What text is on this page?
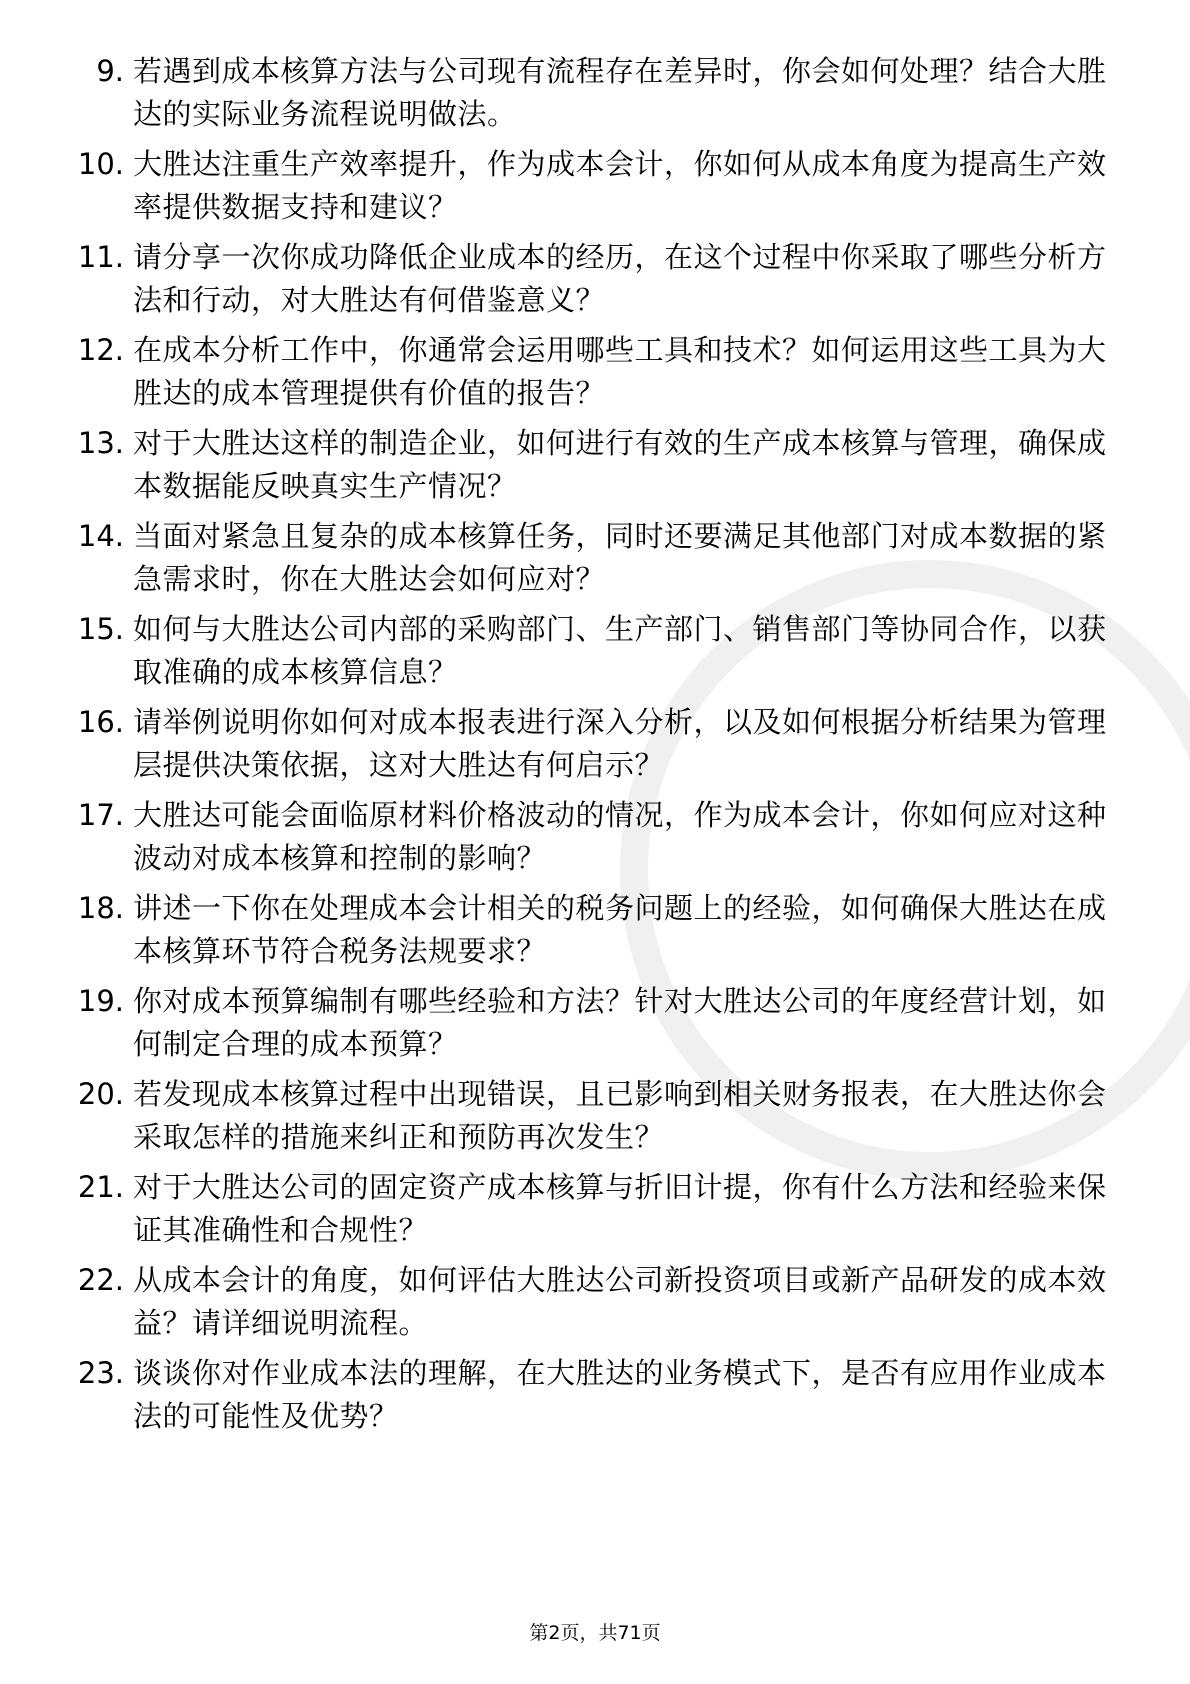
9. 若遇到成本核算方法与公司现有流程存在差异时，你会如何处理？结合大胜达的实际业务流程说明做法。
10. 大胜达注重生产效率提升，作为成本会计，你如何从成本角度为提高生产效率提供数据支持和建议？
11. 请分享一次你成功降低企业成本的经历，在这个过程中你采取了哪些分析方法和行动，对大胜达有何借鉴意义？
12. 在成本分析工作中，你通常会运用哪些工具和技术？如何运用这些工具为大胜达的成本管理提供有价值的报告？
13. 对于大胜达这样的制造企业，如何进行有效的生产成本核算与管理，确保成本数据能反映真实生产情况？
14. 当面对紧急且复杂的成本核算任务，同时还要满足其他部门对成本数据的紧急需求时，你在大胜达会如何应对？
15. 如何与大胜达公司内部的采购部门、生产部门、销售部门等协同合作，以获取准确的成本核算信息？
16. 请举例说明你如何对成本报表进行深入分析，以及如何根据分析结果为管理层提供决策依据，这对大胜达有何启示？
17. 大胜达可能会面临原材料价格波动的情况，作为成本会计，你如何应对这种波动对成本核算和控制的影响？
18. 讲述一下你在处理成本会计相关的税务问题上的经验，如何确保大胜达在成本核算环节符合税务法规要求？
19. 你对成本预算编制有哪些经验和方法？针对大胜达公司的年度经营计划，如何制定合理的成本预算？
20. 若发现成本核算过程中出现错误，且已影响到相关财务报表，在大胜达你会采取怎样的措施来纠正和预防再次发生？
21. 对于大胜达公司的固定资产成本核算与折旧计提，你有什么方法和经验来保证其准确性和合规性？
22. 从成本会计的角度，如何评估大胜达公司新投资项目或新产品研发的成本效益？请详细说明流程。
23. 谈谈你对作业成本法的理解，在大胜达的业务模式下，是否有应用作业成本法的可能性及优势？
第2页，共71页
